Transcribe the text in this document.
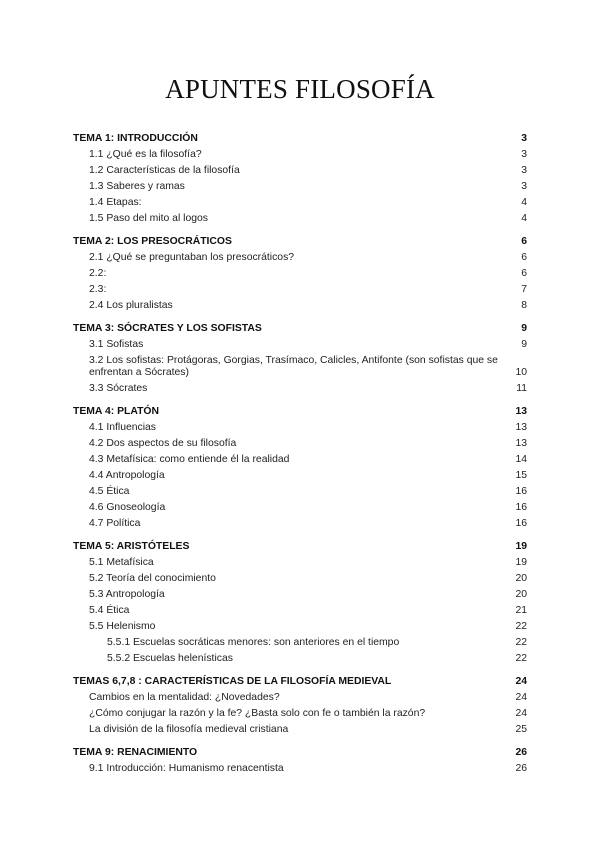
APUNTES FILOSOFÍA
TEMA 1: INTRODUCCIÓN	3
1.1 ¿Qué es la filosofía?	3
1.2 Características de la filosofía	3
1.3 Saberes y ramas	3
1.4 Etapas:	4
1.5 Paso del mito al logos	4
TEMA 2: LOS PRESOCRÁTICOS	6
2.1 ¿Qué se preguntaban los presocráticos?	6
2.2:	6
2.3:	7
2.4 Los pluralistas	8
TEMA 3: SÓCRATES Y LOS SOFISTAS	9
3.1 Sofistas	9
3.2 Los sofistas: Protágoras, Gorgias, Trasímaco, Calicles, Antifonte (son sofistas que se enfrentan a Sócrates)	10
3.3 Sócrates	11
TEMA 4: PLATÓN	13
4.1 Influencias	13
4.2 Dos aspectos de su filosofía	13
4.3 Metafísica: como entiende él la realidad	14
4.4 Antropología	15
4.5 Ética	16
4.6 Gnoseología	16
4.7 Política	16
TEMA 5: ARISTÓTELES	19
5.1 Metafísica	19
5.2 Teoría del conocimiento	20
5.3 Antropología	20
5.4 Ética	21
5.5 Helenismo	22
5.5.1 Escuelas socráticas menores: son anteriores en el tiempo	22
5.5.2 Escuelas helenísticas	22
TEMAS 6,7,8 : CARACTERÍSTICAS DE LA FILOSOFÍA MEDIEVAL	24
Cambios en la mentalidad: ¿Novedades?	24
¿Cómo conjugar la razón y la fe? ¿Basta solo con fe o también la razón?	24
La división de la filosofía medieval cristiana	25
TEMA 9: RENACIMIENTO	26
9.1 Introducción: Humanismo renacentista	26
